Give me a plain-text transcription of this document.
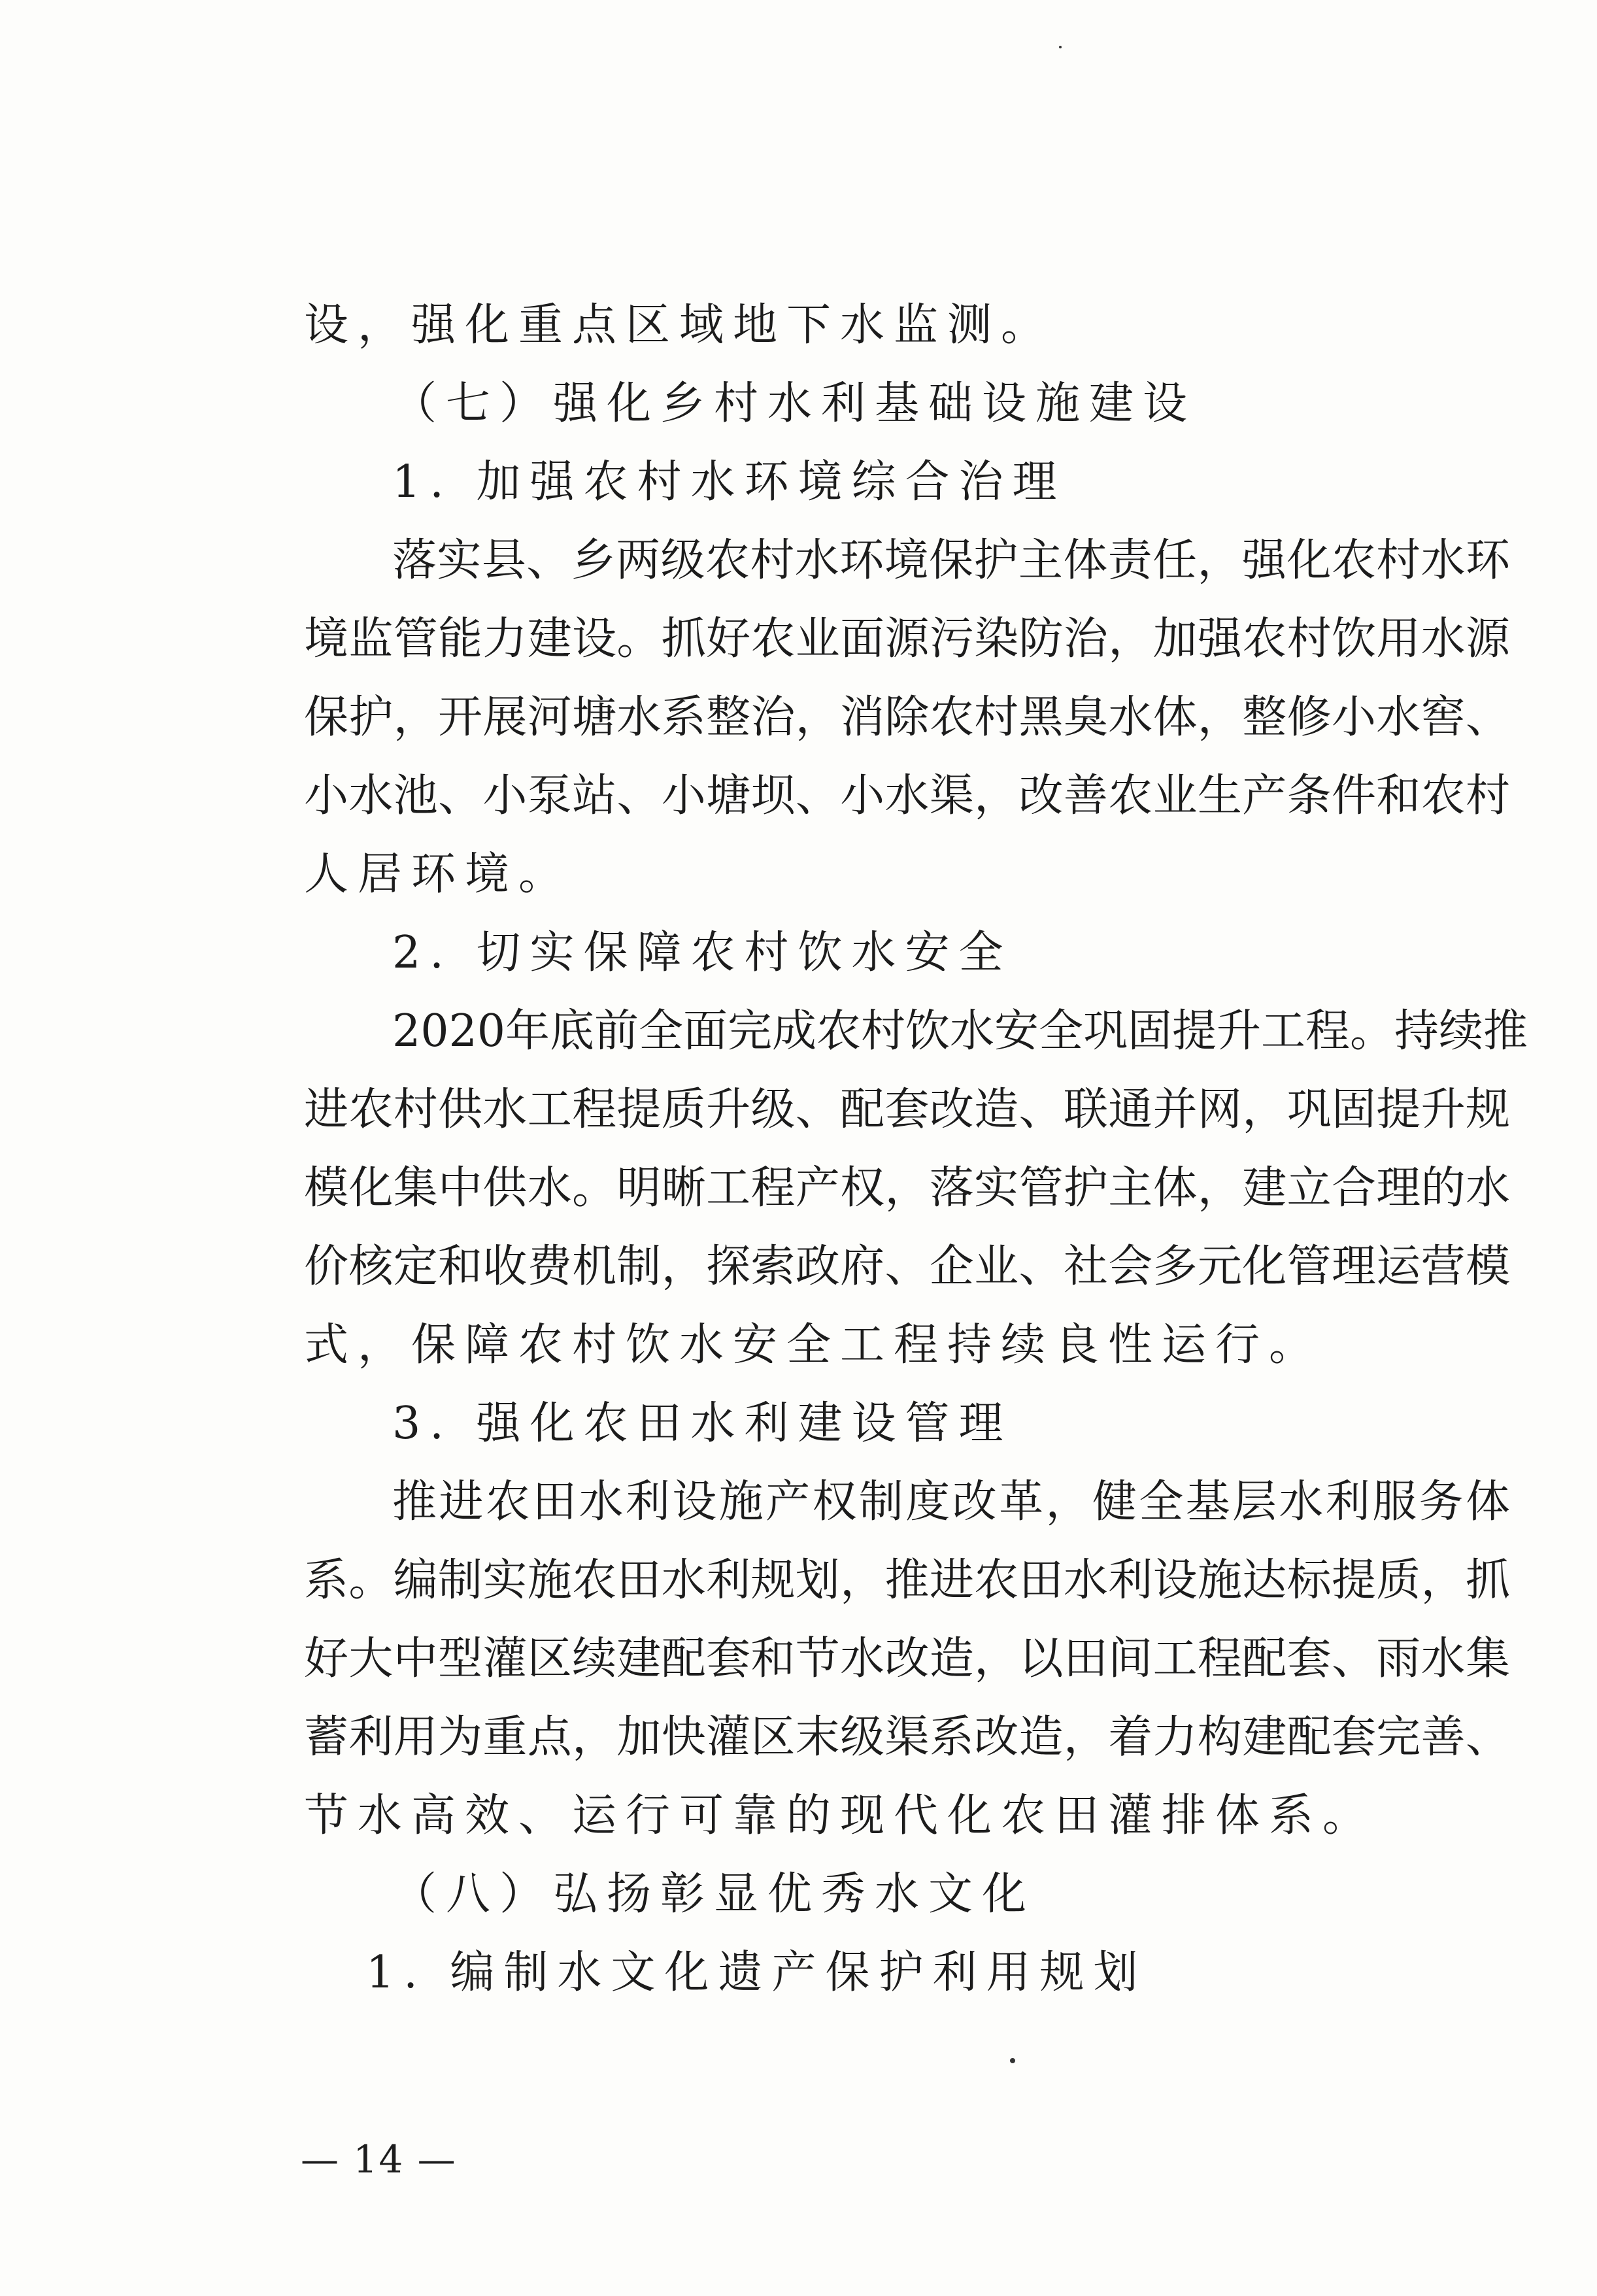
设，强化重点区域地下水监测。
（七）强化乡村水利基础设施建设
1. 加强农村水环境综合治理
落实县、乡两级农村水环境保护主体责任，强化农村水环
境监管能力建设。抓好农业面源污染防治，加强农村饮用水源
保护，开展河塘水系整治，消除农村黑臭水体，整修小水窖、
小水池、小泵站、小塘坝、小水渠，改善农业生产条件和农村
人居环境。
2. 切实保障农村饮水安全
2020年底前全面完成农村饮水安全巩固提升工程。持续推
进农村供水工程提质升级、配套改造、联通并网，巩固提升规
模化集中供水。明晰工程产权，落实管护主体，建立合理的水
价核定和收费机制，探索政府、企业、社会多元化管理运营模
式，保障农村饮水安全工程持续良性运行。
3. 强化农田水利建设管理
推进农田水利设施产权制度改革，健全基层水利服务体
系。编制实施农田水利规划，推进农田水利设施达标提质，抓
好大中型灌区续建配套和节水改造，以田间工程配套、雨水集
蓄利用为重点，加快灌区末级渠系改造，着力构建配套完善、
节水高效、运行可靠的现代化农田灌排体系。
（八）弘扬彰显优秀水文化
1. 编制水文化遗产保护利用规划
— 14 —
